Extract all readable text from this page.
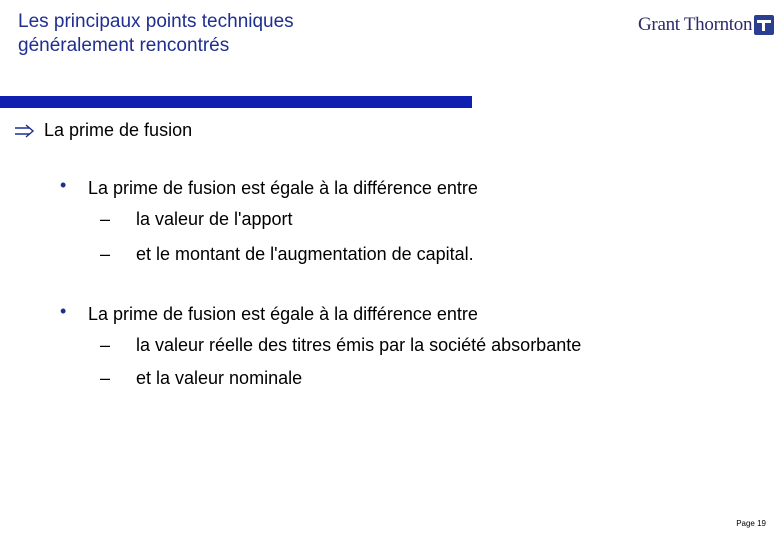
Les principaux points techniques
généralement rencontrés
Grant Thornton
La prime de fusion
• La prime de fusion est égale à la différence entre
– la valeur de l'apport
– et le montant de l'augmentation de capital.
• La prime de fusion est égale à la différence entre
– la valeur réelle des titres émis par la société absorbante
– et la valeur nominale
Page 19
